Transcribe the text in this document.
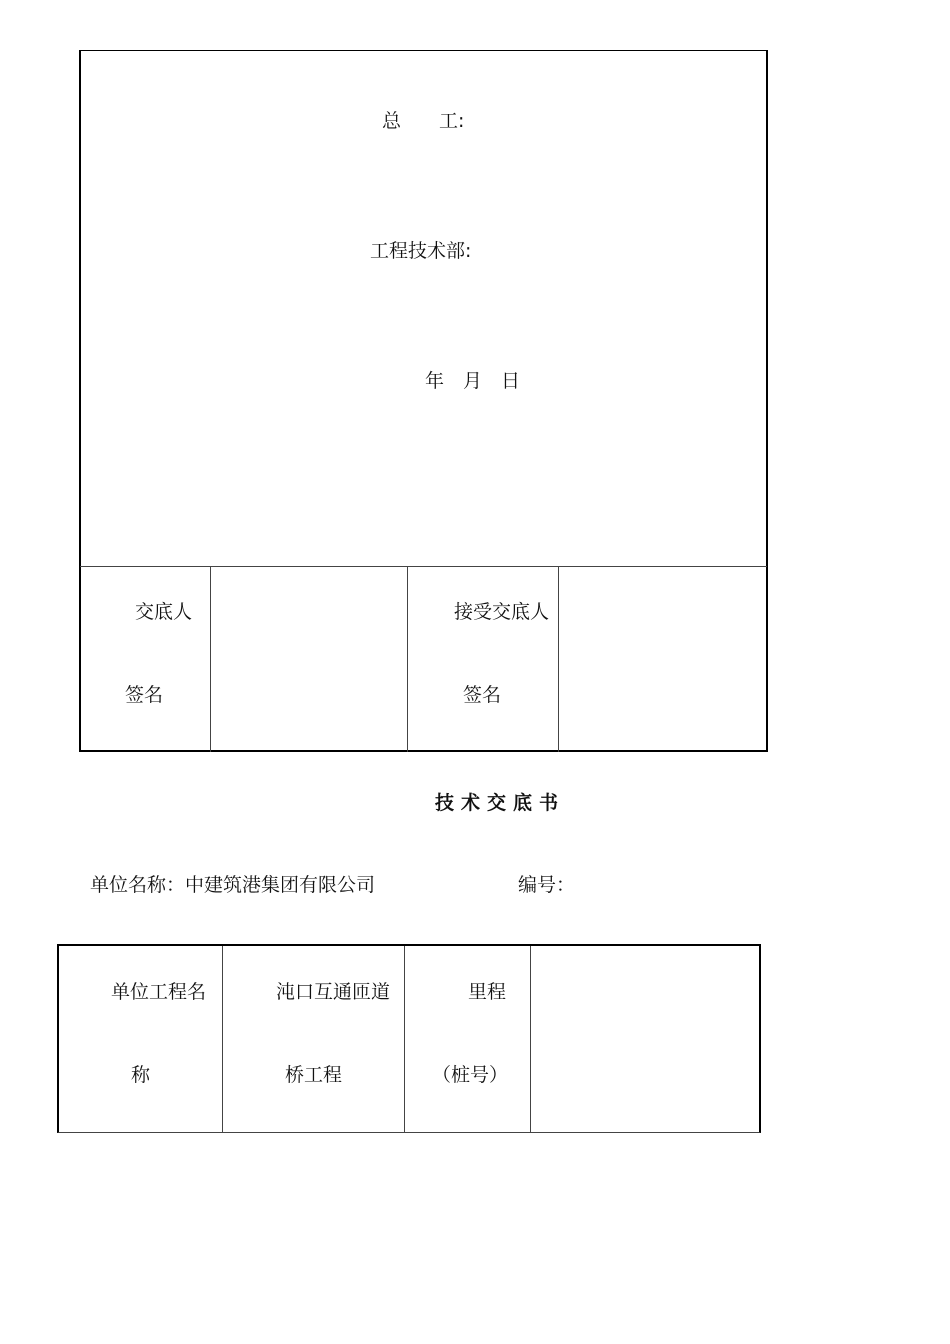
总　　工:
工程技术部:
年　月　日
交底人
签名
接受交底人
签名
技术交底书
单位名称：中建筑港集团有限公司	编号：
单位工程名
称
沌口互通匝道
桥工程
里程
（桩号）
